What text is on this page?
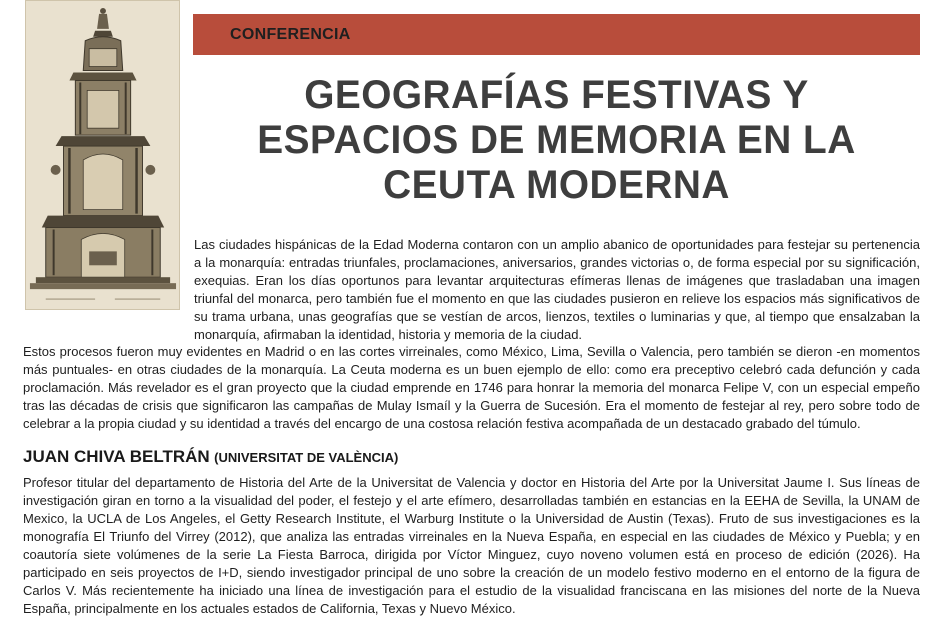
CONFERENCIA
GEOGRAFÍAS FESTIVAS Y
ESPACIOS DE MEMORIA EN LA
CEUTA MODERNA

Las ciudades hispánicas de la Edad Moderna contaron con un amplio abanico de oportunidades para festejar su pertenencia a la monarquía: entradas triunfales, proclamaciones, aniversarios, grandes victorias o, de forma especial por su significación, exequias. Eran los días oportunos para levantar arquitecturas efímeras llenas de imágenes que trasladaban una imagen triunfal del monarca, pero también fue el momento en que las ciudades pusieron en relieve los espacios más significativos de su trama urbana, unas geografías que se vestían de arcos, lienzos, textiles o luminarias y que, al tiempo que ensalzaban la monarquía, afirmaban la identidad, historia y memoria de la ciudad.

Estos procesos fueron muy evidentes en Madrid o en las cortes virreinales, como México, Lima, Sevilla o Valencia, pero también se dieron -en momentos más puntuales- en otras ciudades de la monarquía. La Ceuta moderna es un buen ejemplo de ello: como era preceptivo celebró cada defunción y cada proclamación. Más revelador es el gran proyecto que la ciudad emprende en 1746 para honrar la memoria del monarca Felipe V, con un especial empeño tras las décadas de crisis que significaron las campañas de Mulay Ismaíl y la Guerra de Sucesión. Era el momento de festejar al rey, pero sobre todo de celebrar a la propia ciudad y su identidad a través del encargo de una costosa relación festiva acompañada de un destacado grabado del túmulo.

JUAN CHIVA BELTRÁN (UNIVERSITAT DE VALÈNCIA)

Profesor titular del departamento de Historia del Arte de la Universitat de Valencia y doctor en Historia del Arte por la Universitat Jaume I. Sus líneas de investigación giran en torno a la visualidad del poder, el festejo y el arte efímero, desarrolladas también en estancias en la EEHA de Sevilla, la UNAM de Mexico, la UCLA de Los Angeles, el Getty Research Institute, el Warburg Institute o la Universidad de Austin (Texas). Fruto de sus investigaciones es la monografía El Triunfo del Virrey (2012), que analiza las entradas virreinales en la Nueva España, en especial en las ciudades de México y Puebla; y en coautoría siete volúmenes de la serie La Fiesta Barroca, dirigida por Víctor Minguez, cuyo noveno volumen está en proceso de edición (2026). Ha participado en seis proyectos de I+D, siendo investigador principal de uno sobre la creación de un modelo festivo moderno en el entorno de la figura de Carlos V. Más recientemente ha iniciado una línea de investigación para el estudio de la visualidad franciscana en las misiones del norte de la Nueva España, principalmente en los actuales estados de California, Texas y Nuevo México.
